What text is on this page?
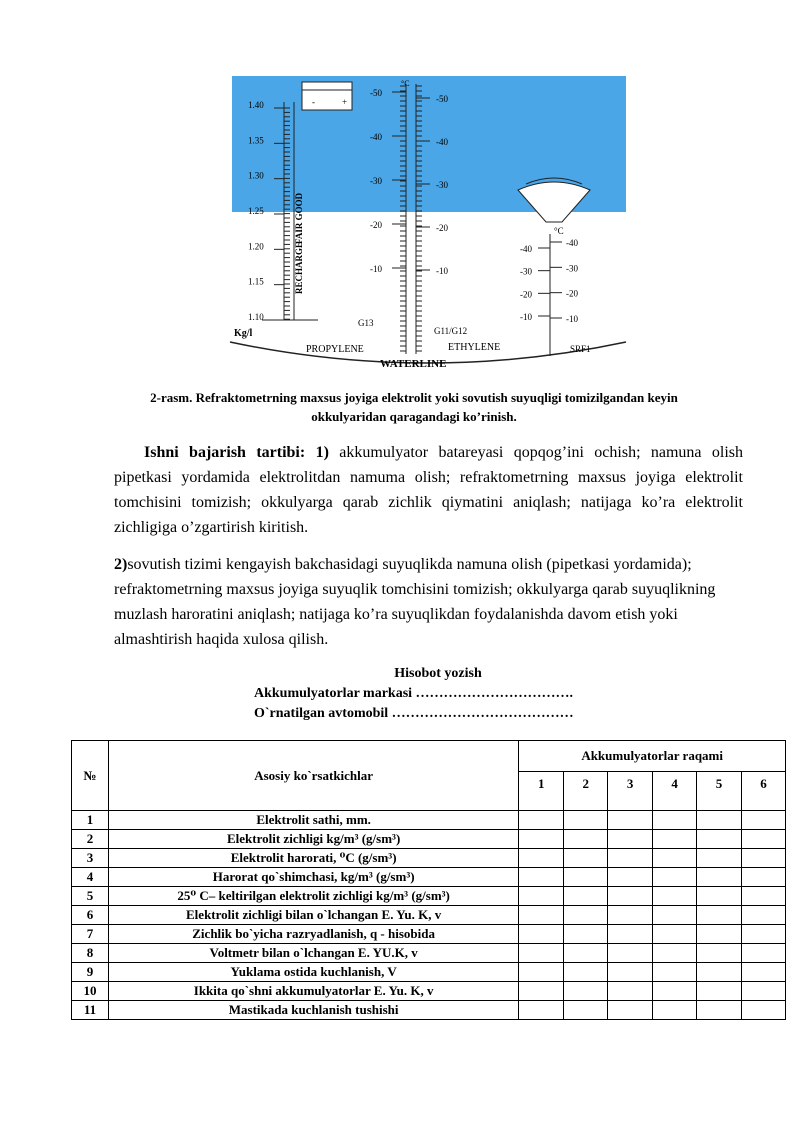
-	+
RECHARGE
FAIR GOOD
Kg/l
°C
G13
G11/G12
PROPYLENE	ETHYLENE	SRF1
WATERLINE
°C
1.40
1.35
1.30
1.25
1.20
1.15
1.10
-50
-40
-30
-20
-10
-50
-40
-30
-20
-10
-40
-30
-20
-10
-40
-30
-20
-10
2-rasm. Refraktometrning maxsus joyiga elektrolit yoki sovutish suyuqligi tomizilgandan keyin
okkulyaridan qaragandagi ko’rinish.
Ishni bajarish tartibi: 1) akkumulyator batareyasi qopqog’ini ochish; namuna olish pipetkasi yordamida elektrolitdan namuma olish; refraktometrning maxsus joyiga elektrolit tomchisini tomizish; okkulyarga qarab zichlik qiymatini aniqlash; natijaga ko’ra elektrolit zichligiga o’zgartirish kiritish.
2)sovutish tizimi kengayish bakchasidagi suyuqlikda namuna olish (pipetkasi yordamida); refraktometrning maxsus joyiga suyuqlik tomchisini tomizish; okkulyarga qarab suyuqlikning muzlash haroratini aniqlash; natijaga ko’ra suyuqlikdan foydalanishda davom etish yoki almashtirish haqida xulosa qilish.
Hisobot yozish
Akkumulyatorlar markasi …………………………….
O`rnatilgan avtomobil …………………………………
№	Asosiy ko`rsatkichlar	Akkumulyatorlar raqami					
		1	2	3	4	5	6
1	Elektrolit sathi, mm.						
2	Elektrolit zichligi kg/m³ (g/sm³)						
3	Elektrolit harorati, ⁰C (g/sm³)						
4	Harorat qo`shimchasi, kg/m³ (g/sm³)						
5	25⁰ C– keltirilgan elektrolit zichligi kg/m³ (g/sm³)						
6	Elektrolit zichligi bilan o`lchangan E. Yu. K, v						
7	Zichlik bo`yicha razryadlanish, q - hisobida						
8	Voltmetr bilan o`lchangan E. YU.K, v						
9	Yuklama ostida kuchlanish, V						
10	Ikkita qo`shni akkumulyatorlar E. Yu. K, v						
11	Mastikada kuchlanish tushishi						
